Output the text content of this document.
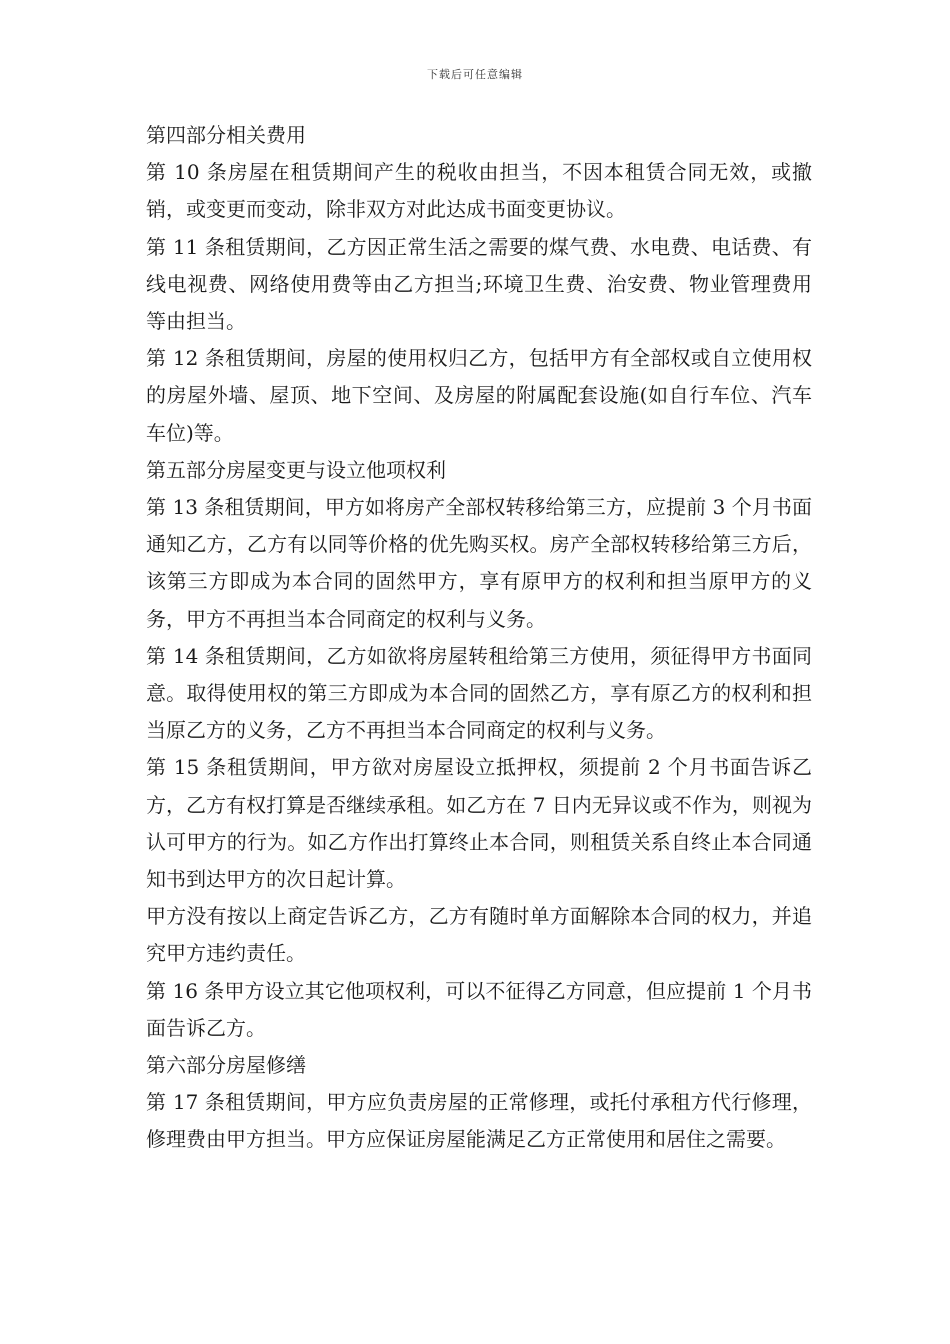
下载后可任意编辑

第四部分相关费用

第 10 条房屋在租赁期间产生的税收由担当，不因本租赁合同无效，或撤销，或变更而变动，除非双方对此达成书面变更协议。

第 11 条租赁期间，乙方因正常生活之需要的煤气费、水电费、电话费、有线电视费、网络使用费等由乙方担当;环境卫生费、治安费、物业管理费用等由担当。

第 12 条租赁期间，房屋的使用权归乙方，包括甲方有全部权或自立使用权的房屋外墙、屋顶、地下空间、及房屋的附属配套设施(如自行车位、汽车车位)等。

第五部分房屋变更与设立他项权利

第 13 条租赁期间，甲方如将房产全部权转移给第三方，应提前 3 个月书面通知乙方，乙方有以同等价格的优先购买权。房产全部权转移给第三方后，该第三方即成为本合同的固然甲方，享有原甲方的权利和担当原甲方的义务，甲方不再担当本合同商定的权利与义务。

第 14 条租赁期间，乙方如欲将房屋转租给第三方使用，须征得甲方书面同意。取得使用权的第三方即成为本合同的固然乙方，享有原乙方的权利和担当原乙方的义务，乙方不再担当本合同商定的权利与义务。

第 15 条租赁期间，甲方欲对房屋设立抵押权，须提前 2 个月书面告诉乙方，乙方有权打算是否继续承租。如乙方在 7 日内无异议或不作为，则视为认可甲方的行为。如乙方作出打算终止本合同，则租赁关系自终止本合同通知书到达甲方的次日起计算。

甲方没有按以上商定告诉乙方，乙方有随时单方面解除本合同的权力，并追究甲方违约责任。

第 16 条甲方设立其它他项权利，可以不征得乙方同意，但应提前 1 个月书面告诉乙方。

第六部分房屋修缮

第 17 条租赁期间，甲方应负责房屋的正常修理，或托付承租方代行修理，修理费由甲方担当。甲方应保证房屋能满足乙方正常使用和居住之需要。
